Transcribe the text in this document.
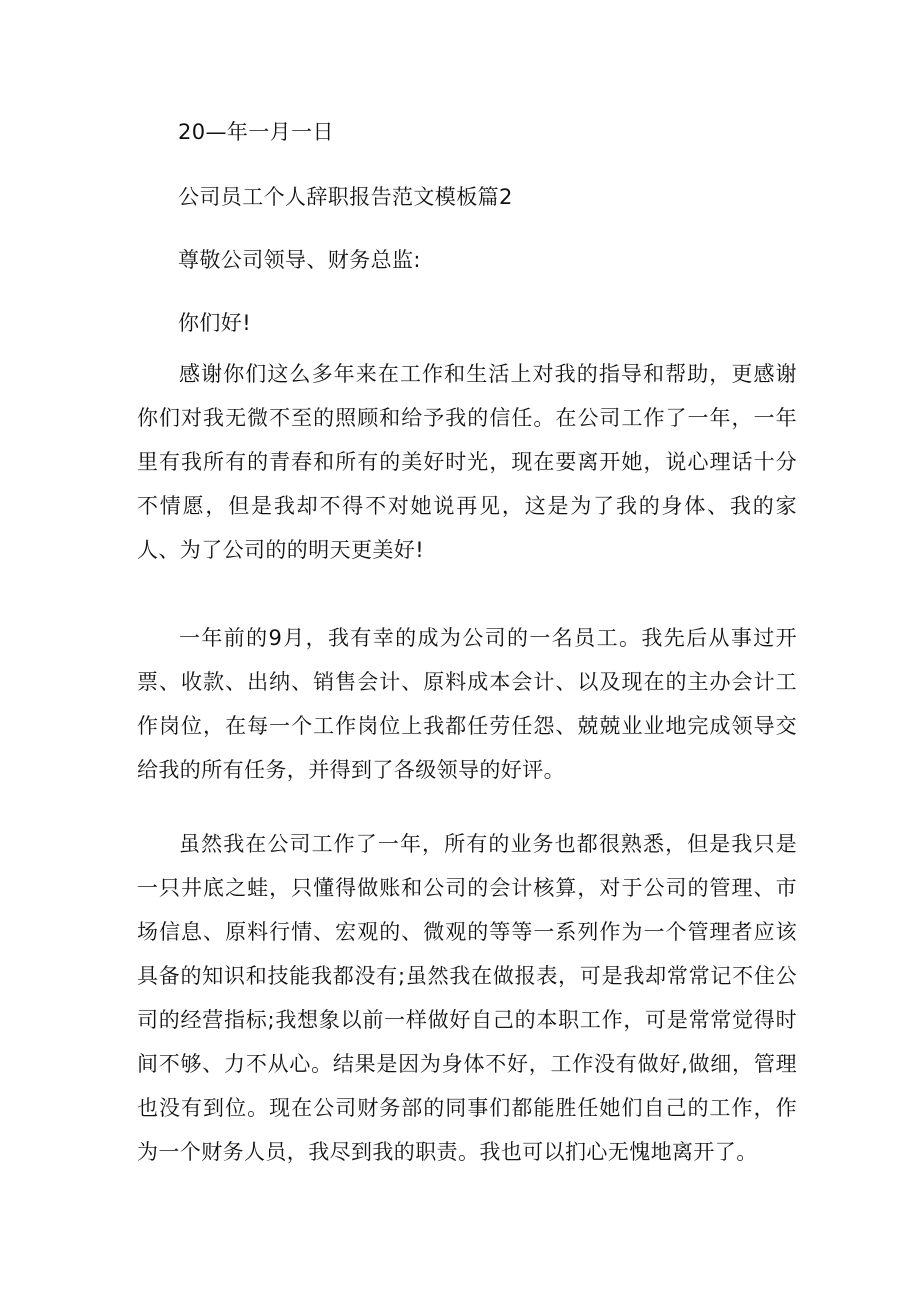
20—年一月一日
公司员工个人辞职报告范文模板篇2
尊敬公司领导、财务总监:
你们好!

感谢你们这么多年来在工作和生活上对我的指导和帮助，更感谢你们对我无微不至的照顾和给予我的信任。在公司工作了一年，一年里有我所有的青春和所有的美好时光，现在要离开她，说心理话十分不情愿，但是我却不得不对她说再见，这是为了我的身体、我的家人、为了公司的的明天更美好!

一年前的9月，我有幸的成为公司的一名员工。我先后从事过开票、收款、出纳、销售会计、原料成本会计、以及现在的主办会计工作岗位，在每一个工作岗位上我都任劳任怨、兢兢业业地完成领导交给我的所有任务，并得到了各级领导的好评。

虽然我在公司工作了一年，所有的业务也都很熟悉，但是我只是一只井底之蛙，只懂得做账和公司的会计核算，对于公司的管理、市场信息、原料行情、宏观的、微观的等等一系列作为一个管理者应该具备的知识和技能我都没有;虽然我在做报表，可是我却常常记不住公司的经营指标;我想象以前一样做好自己的本职工作，可是常常觉得时间不够、力不从心。结果是因为身体不好，工作没有做好,做细，管理也没有到位。现在公司财务部的同事们都能胜任她们自己的工作，作为一个财务人员，我尽到我的职责。我也可以扪心无愧地离开了。
